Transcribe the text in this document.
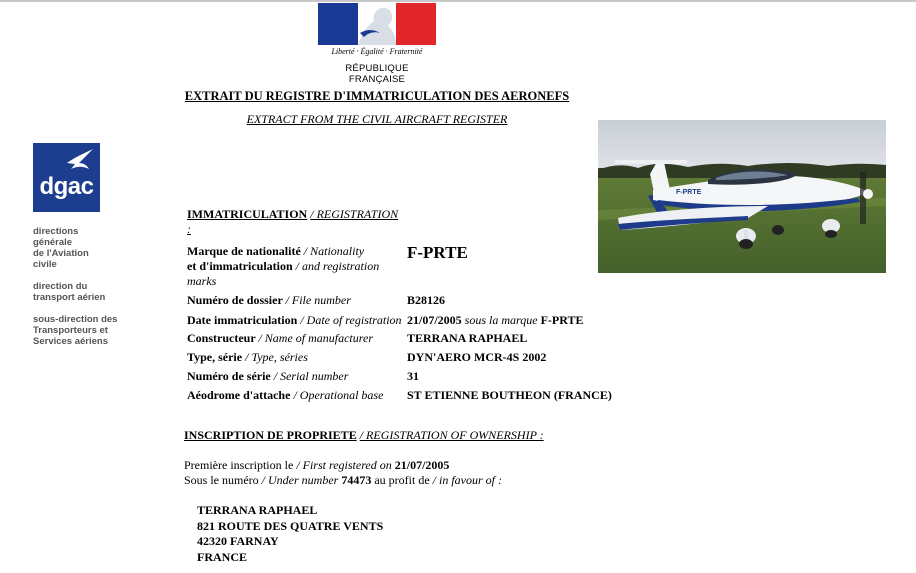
Liberté · Égalité · Fraternité
RÉPUBLIQUE FRANÇAISE
EXTRAIT DU REGISTRE D'IMMATRICULATION DES AERONEFS
EXTRACT FROM THE CIVIL AIRCRAFT REGISTER
dgac
directions
générale
de l'Aviation
civile
direction du
transport aérien
sous-direction des
Transporteurs et
Services aériens
F-PRTE
IMMATRICULATION / REGISTRATION :
Marque de nationalité / Nationality
et d'immatriculation / and registration
marks
F-PRTE
Numéro de dossier / File number	B28126
Date immatriculation / Date of registration 21/07/2005 sous la marque F-PRTE
Constructeur / Name of manufacturer	TERRANA RAPHAEL
Type, série / Type, séries	DYN'AERO MCR-4S 2002
Numéro de série / Serial number	31
Aéodrome d'attache / Operational base ST ETIENNE BOUTHEON (FRANCE)
INSCRIPTION DE PROPRIETE / REGISTRATION OF OWNERSHIP :
Première inscription le / First registered on 21/07/2005
Sous le numéro / Under number 74473 au profit de / in favour of :
TERRANA RAPHAEL
821 ROUTE DES QUATRE VENTS
42320 FARNAY
FRANCE
